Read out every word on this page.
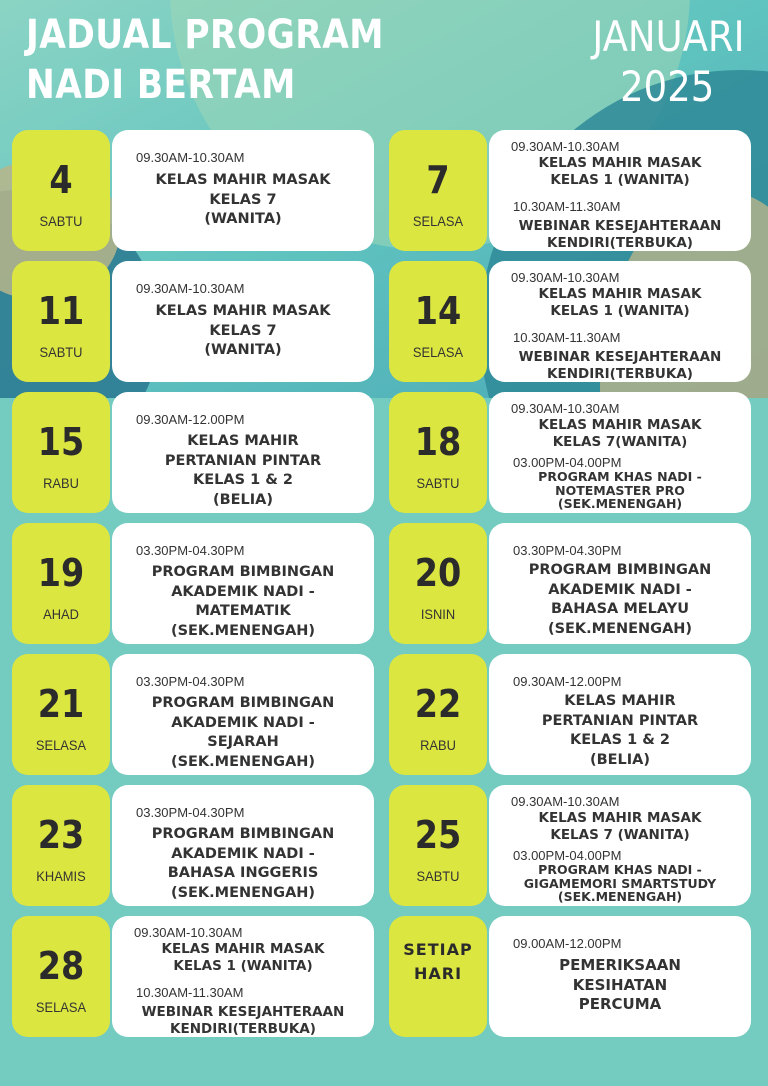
JADUAL PROGRAM
NADI BERTAM
JANUARI
2025
4
SABTU
09.30AM-10.30AM
KELAS MAHIR MASAK
KELAS 7
(WANITA)
7
SELASA
09.30AM-10.30AM
KELAS MAHIR MASAK
KELAS 1 (WANITA)
10.30AM-11.30AM
WEBINAR KESEJAHTERAAN
KENDIRI(TERBUKA)
11
SABTU
09.30AM-10.30AM
KELAS MAHIR MASAK
KELAS 7
(WANITA)
14
SELASA
09.30AM-10.30AM
KELAS MAHIR MASAK
KELAS 1 (WANITA)
10.30AM-11.30AM
WEBINAR KESEJAHTERAAN
KENDIRI(TERBUKA)
15
RABU
09.30AM-12.00PM
KELAS MAHIR
PERTANIAN PINTAR
KELAS 1 & 2
(BELIA)
18
SABTU
09.30AM-10.30AM
KELAS MAHIR MASAK
KELAS 7(WANITA)
03.00PM-04.00PM
PROGRAM KHAS NADI -
NOTEMASTER PRO
(SEK.MENENGAH)
19
AHAD
03.30PM-04.30PM
PROGRAM BIMBINGAN
AKADEMIK NADI -
MATEMATIK
(SEK.MENENGAH)
20
ISNIN
03.30PM-04.30PM
PROGRAM BIMBINGAN
AKADEMIK NADI -
BAHASA MELAYU
(SEK.MENENGAH)
21
SELASA
03.30PM-04.30PM
PROGRAM BIMBINGAN
AKADEMIK NADI -
SEJARAH
(SEK.MENENGAH)
22
RABU
09.30AM-12.00PM
KELAS MAHIR
PERTANIAN PINTAR
KELAS 1 & 2
(BELIA)
23
KHAMIS
03.30PM-04.30PM
PROGRAM BIMBINGAN
AKADEMIK NADI -
BAHASA INGGERIS
(SEK.MENENGAH)
25
SABTU
09.30AM-10.30AM
KELAS MAHIR MASAK
KELAS 7 (WANITA)
03.00PM-04.00PM
PROGRAM KHAS NADI -
GIGAMEMORI SMARTSTUDY
(SEK.MENENGAH)
28
SELASA
09.30AM-10.30AM
KELAS MAHIR MASAK
KELAS 1 (WANITA)
10.30AM-11.30AM
WEBINAR KESEJAHTERAAN
KENDIRI(TERBUKA)
SETIAP
HARI
09.00AM-12.00PM
PEMERIKSAAN
KESIHATAN
PERCUMA
